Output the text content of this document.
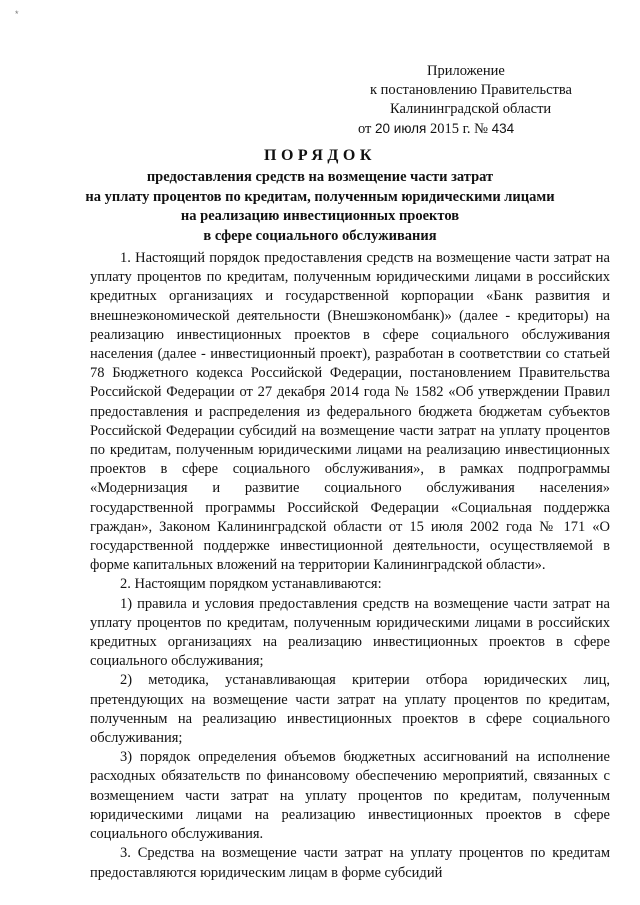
*
Приложение
к постановлению Правительства
Калининградской области
от 20 июля 2015 г. № 434
ПОРЯДОК
предоставления средств на возмещение части затрат
на уплату процентов по кредитам, полученным юридическими лицами
на реализацию инвестиционных проектов
в сфере социального обслуживания

1. Настоящий порядок предоставления средств на возмещение части затрат на уплату процентов по кредитам, полученным юридическими лицами в российских кредитных организациях и государственной корпорации «Банк развития и внешнеэкономической деятельности (Внешэкономбанк)» (далее - кредиторы) на реализацию инвестиционных проектов в сфере социального обслуживания населения (далее - инвестиционный проект), разработан в соответствии со статьей 78 Бюджетного кодекса Российской Федерации, постановлением Правительства Российской Федерации от 27 декабря 2014 года № 1582 «Об утверждении Правил предоставления и распределения из федерального бюджета бюджетам субъектов Российской Федерации субсидий на возмещение части затрат на уплату процентов по кредитам, полученным юридическими лицами на реализацию инвестиционных проектов в сфере социального обслуживания», в рамках подпрограммы «Модернизация и развитие социального обслуживания населения» государственной программы Российской Федерации «Социальная поддержка граждан», Законом Калининградской области от 15 июля 2002 года № 171 «О государственной поддержке инвестиционной деятельности, осуществляемой в форме капитальных вложений на территории Калининградской области».

2. Настоящим порядком устанавливаются:

1) правила и условия предоставления средств на возмещение части затрат на уплату процентов по кредитам, полученным юридическими лицами в российских кредитных организациях на реализацию инвестиционных проектов в сфере социального обслуживания;

2) методика, устанавливающая критерии отбора юридических лиц, претендующих на возмещение части затрат на уплату процентов по кредитам, полученным на реализацию инвестиционных проектов в сфере социального обслуживания;

3) порядок определения объемов бюджетных ассигнований на исполнение расходных обязательств по финансовому обеспечению мероприятий, связанных с возмещением части затрат на уплату процентов по кредитам, полученным юридическими лицами на реализацию инвестиционных проектов в сфере социального обслуживания.

3. Средства на возмещение части затрат на уплату процентов по кредитам предоставляются юридическим лицам в форме субсидий
